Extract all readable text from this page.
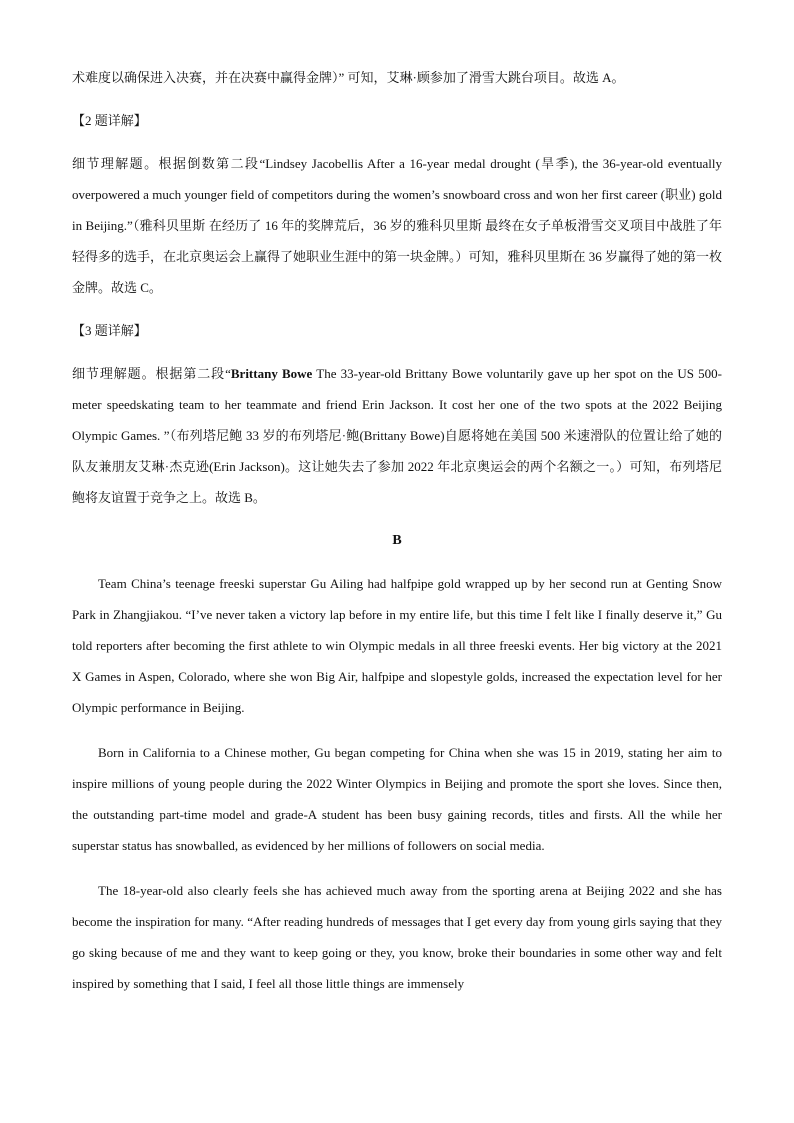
术难度以确保进入决赛，并在决赛中赢得金牌）” 可知，艾琳·顾参加了滑雪大跳台项目。故选 A。

【2 题详解】

细节理解题。根据倒数第二段“Lindsey Jacobellis After a 16-year medal drought (旱季), the 36-year-old eventually overpowered a much younger field of competitors during the women’s snowboard cross and won her first career (职业) gold in Beijing.”（雅科贝里斯 在经历了 16 年的奖牌荒后，36 岁的雅科贝里斯 最终在女子单板滑雪交叉项目中战胜了年轻得多的选手，在北京奥运会上赢得了她职业生涯中的第一块金牌。）可知，雅科贝里斯在 36 岁赢得了她的第一枚金牌。故选 C。

【3 题详解】

细节理解题。根据第二段“Brittany Bowe The 33-year-old Brittany Bowe voluntarily gave up her spot on the US 500-meter speedskating team to her teammate and friend Erin Jackson. It cost her one of the two spots at the 2022 Beijing Olympic Games. ”（布列塔尼鲍 33 岁的布列塔尼·鲍(Brittany Bowe)自愿将她在美国 500 米速滑队的位置让给了她的队友兼朋友艾琳·杰克逊(Erin Jackson)。这让她失去了参加 2022 年北京奥运会的两个名额之一。）可知，布列塔尼鲍将友谊置于竞争之上。故选 B。

B

Team China’s teenage freeski superstar Gu Ailing had halfpipe gold wrapped up by her second run at Genting Snow Park in Zhangjiakou. “I’ve never taken a victory lap before in my entire life, but this time I felt like I finally deserve it,” Gu told reporters after becoming the first athlete to win Olympic medals in all three freeski events. Her big victory at the 2021 X Games in Aspen, Colorado, where she won Big Air, halfpipe and slopestyle golds, increased the expectation level for her Olympic performance in Beijing.

Born in California to a Chinese mother, Gu began competing for China when she was 15 in 2019, stating her aim to inspire millions of young people during the 2022 Winter Olympics in Beijing and promote the sport she loves. Since then, the outstanding part-time model and grade-A student has been busy gaining records, titles and firsts. All the while her superstar status has snowballed, as evidenced by her millions of followers on social media.

The 18-year-old also clearly feels she has achieved much away from the sporting arena at Beijing 2022 and she has become the inspiration for many. “After reading hundreds of messages that I get every day from young girls saying that they go sking because of me and they want to keep going or they, you know, broke their boundaries in some other way and felt inspired by something that I said, I feel all those little things are immensely
